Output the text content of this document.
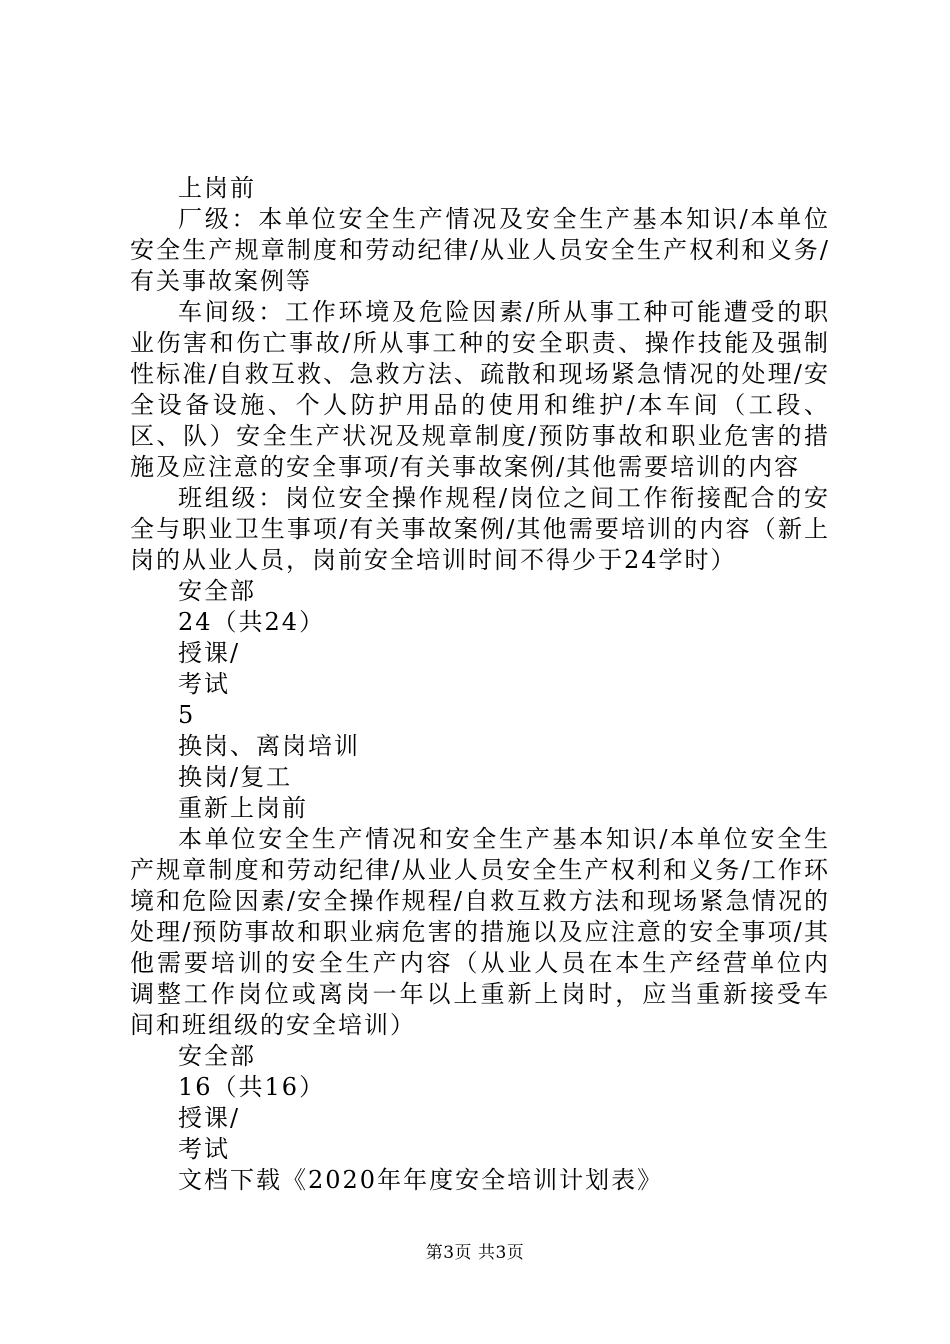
上岗前

厂级：本单位安全生产情况及安全生产基本知识/本单位安全生产规章制度和劳动纪律/从业人员安全生产权利和义务/有关事故案例等

车间级：工作环境及危险因素/所从事工种可能遭受的职业伤害和伤亡事故/所从事工种的安全职责、操作技能及强制性标准/自救互救、急救方法、疏散和现场紧急情况的处理/安全设备设施、个人防护用品的使用和维护/本车间（工段、区、队）安全生产状况及规章制度/预防事故和职业危害的措施及应注意的安全事项/有关事故案例/其他需要培训的内容

班组级：岗位安全操作规程/岗位之间工作衔接配合的安全与职业卫生事项/有关事故案例/其他需要培训的内容（新上岗的从业人员，岗前安全培训时间不得少于24学时）

安全部

24（共24）

授课/

考试

5

换岗、离岗培训

换岗/复工

重新上岗前

本单位安全生产情况和安全生产基本知识/本单位安全生产规章制度和劳动纪律/从业人员安全生产权利和义务/工作环境和危险因素/安全操作规程/自救互救方法和现场紧急情况的处理/预防事故和职业病危害的措施以及应注意的安全事项/其他需要培训的安全生产内容（从业人员在本生产经营单位内调整工作岗位或离岗一年以上重新上岗时，应当重新接受车间和班组级的安全培训）

安全部

16（共16）

授课/

考试

文档下载《2020年年度安全培训计划表》

第3页 共3页
